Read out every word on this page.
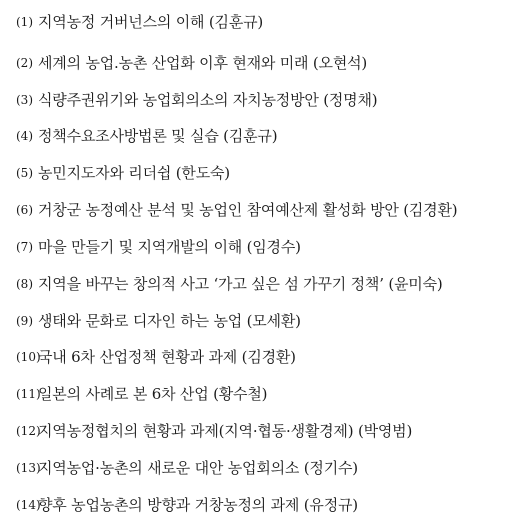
(1) 지역농정 거버넌스의 이해 (김훈규)
(2) 세계의 농업.농촌 산업화 이후 현재와 미래 (오현석)
(3) 식량주권위기와 농업회의소의 자치농정방안 (정명채)
(4) 정책수요조사방법론 및 실습 (김훈규)
(5) 농민지도자와 리더쉽 (한도숙)
(6) 거창군 농정예산 분석 및 농업인 참여예산제 활성화 방안 (김경환)
(7) 마을 만들기 및 지역개발의 이해 (임경수)
(8) 지역을 바꾸는 창의적 사고 ‘가고 싶은 섬 가꾸기 정책’ (윤미숙)
(9) 생태와 문화로 디자인 하는 농업 (모세환)
(10)
국내 6차 산업정책 현황과 과제 (김경환)
(11)
일본의 사례로 본 6차 산업 (황수철)
(12)
지역농정협치의 현황과 과제(지역·협동·생활경제) (박영범)
(13)
지역농업·농촌의 새로운 대안 농업회의소 (정기수)
(14)
향후 농업농촌의 방향과 거창농정의 과제 (유정규)
